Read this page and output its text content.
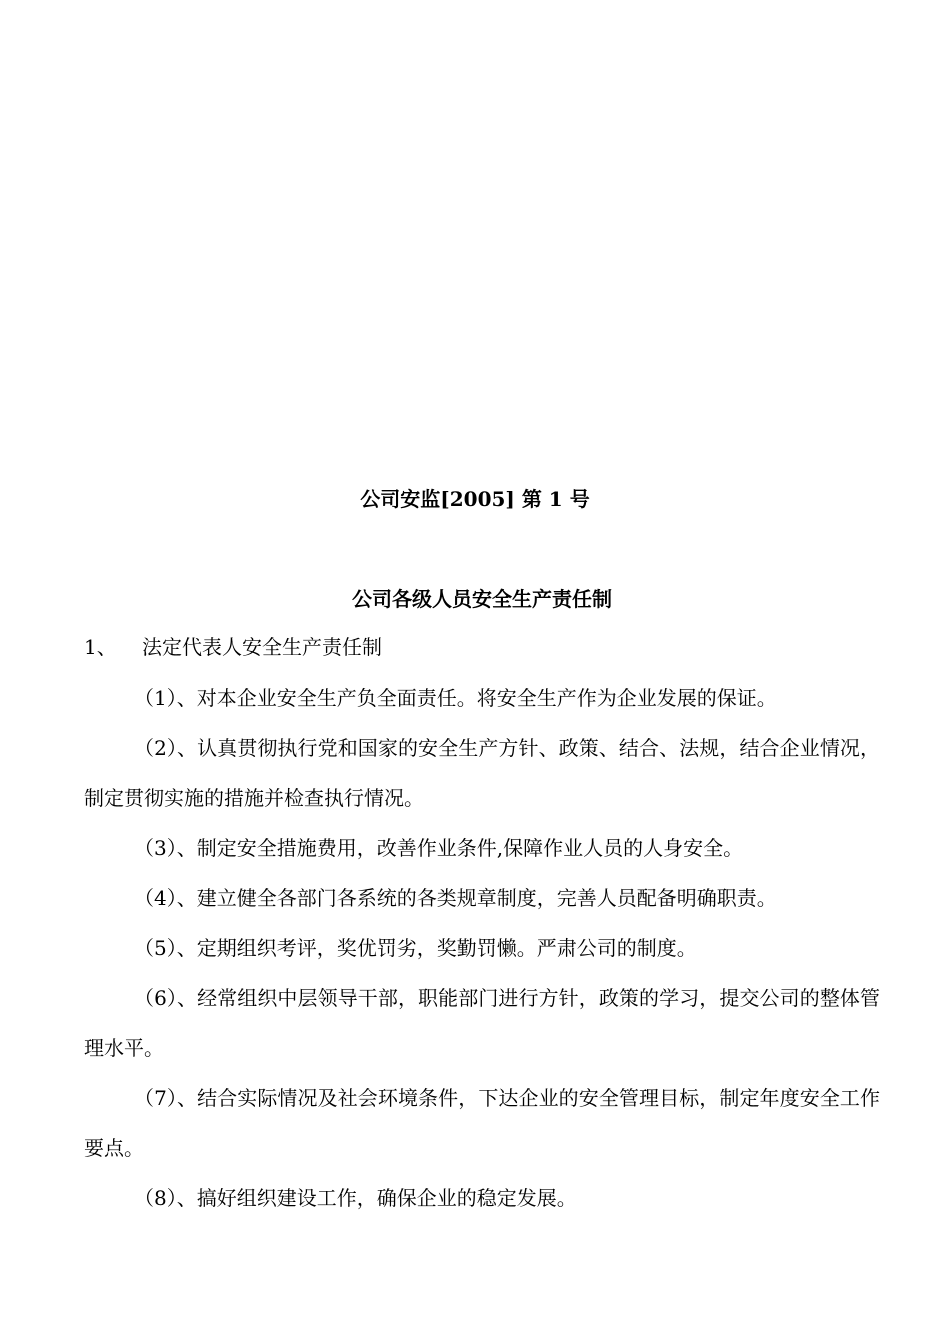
公司安监[2005] 第 1 号

公司各级人员安全生产责任制

1、 法定代表人安全生产责任制

（1）、对本企业安全生产负全面责任。将安全生产作为企业发展的保证。

（2）、认真贯彻执行党和国家的安全生产方针、政策、结合、法规，结合企业情况，制定贯彻实施的措施并检查执行情况。

（3）、制定安全措施费用，改善作业条件,保障作业人员的人身安全。

（4）、建立健全各部门各系统的各类规章制度，完善人员配备明确职责。

（5）、定期组织考评，奖优罚劣，奖勤罚懒。严肃公司的制度。

（6）、经常组织中层领导干部，职能部门进行方针，政策的学习，提交公司的整体管理水平。

（7）、结合实际情况及社会环境条件，下达企业的安全管理目标，制定年度安全工作要点。

（8）、搞好组织建设工作，确保企业的稳定发展。
